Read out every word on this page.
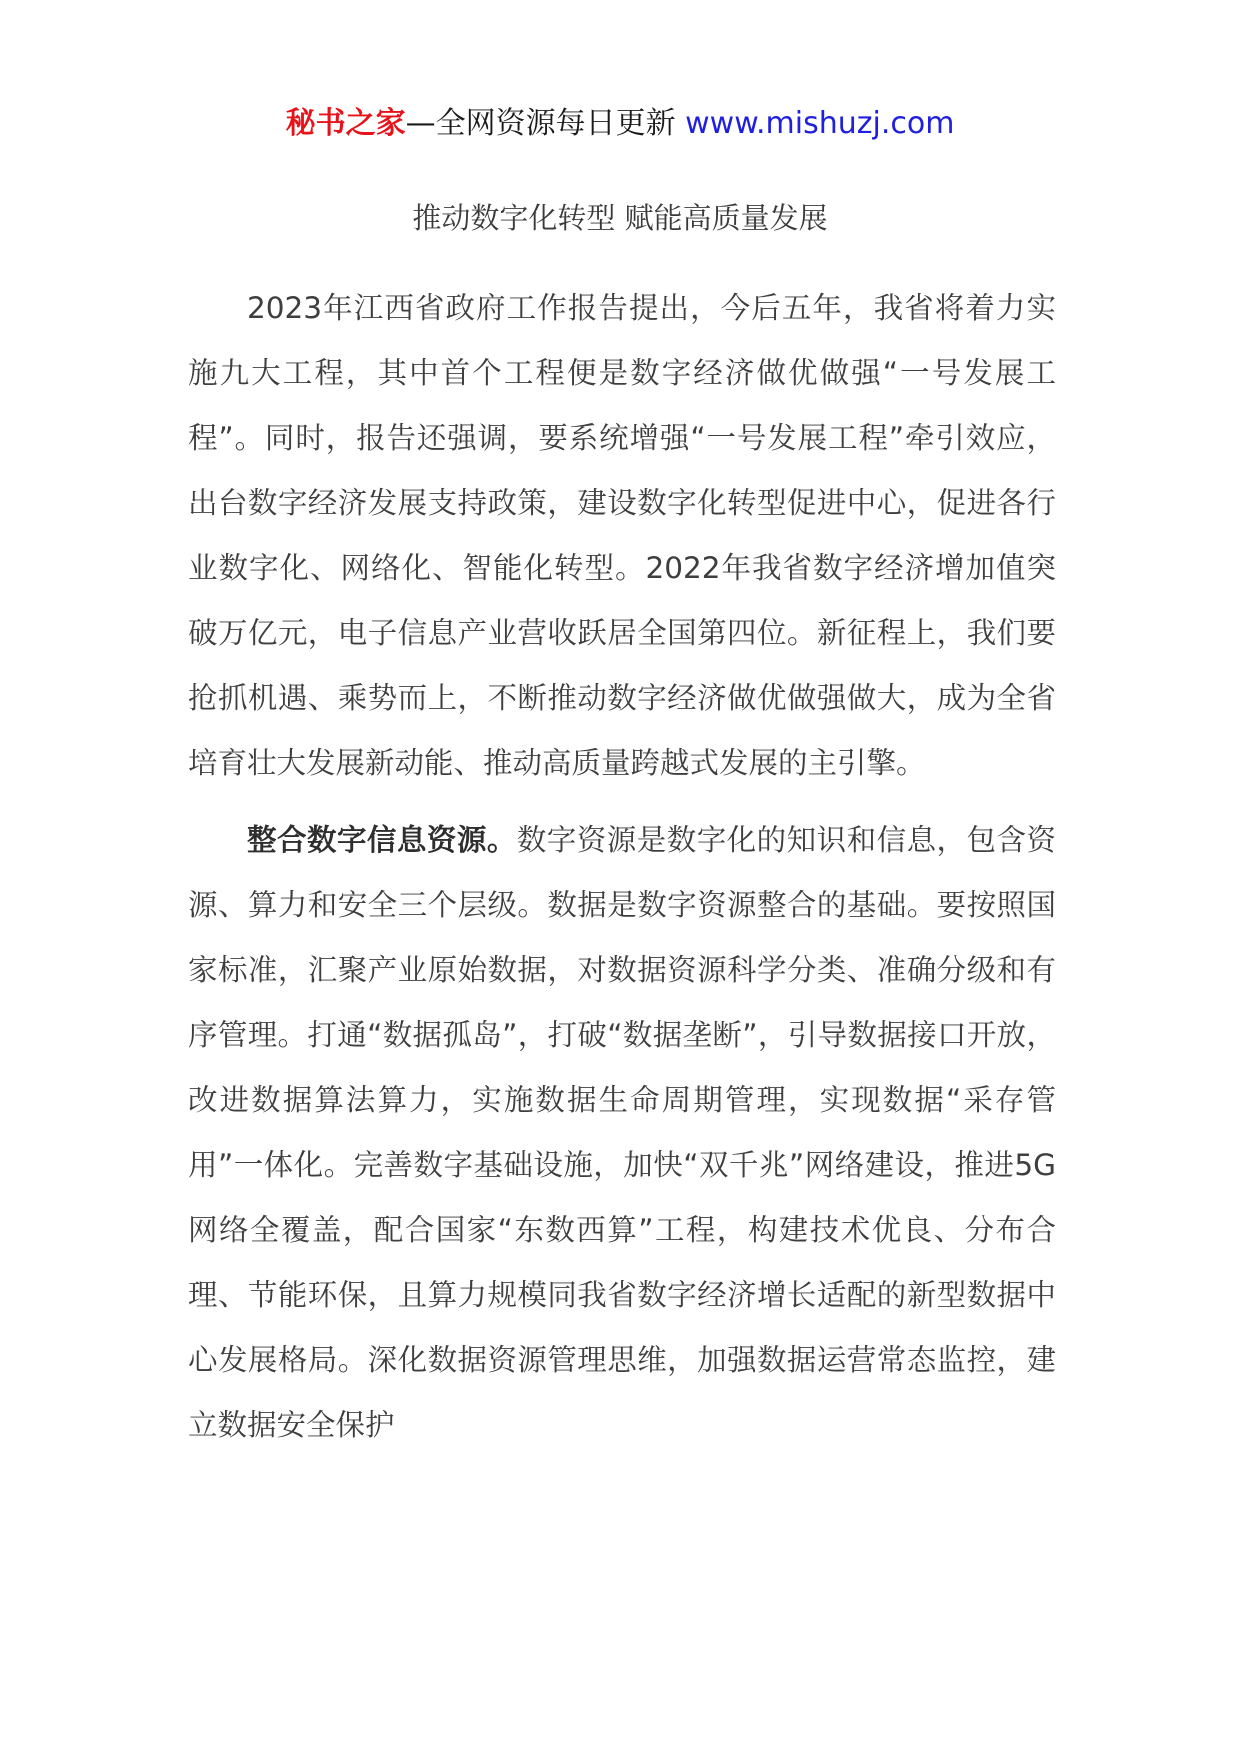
秘书之家—全网资源每日更新 www.mishuzj.com
推动数字化转型 赋能高质量发展

2023年江西省政府工作报告提出，今后五年，我省将着力实施九大工程，其中首个工程便是数字经济做优做强“一号发展工程”。同时，报告还强调，要系统增强“一号发展工程”牵引效应，出台数字经济发展支持政策，建设数字化转型促进中心，促进各行业数字化、网络化、智能化转型。2022年我省数字经济增加值突破万亿元，电子信息产业营收跃居全国第四位。新征程上，我们要抢抓机遇、乘势而上，不断推动数字经济做优做强做大，成为全省培育壮大发展新动能、推动高质量跨越式发展的主引擎。

整合数字信息资源。数字资源是数字化的知识和信息，包含资源、算力和安全三个层级。数据是数字资源整合的基础。要按照国家标准，汇聚产业原始数据，对数据资源科学分类、准确分级和有序管理。打通“数据孤岛”，打破“数据垄断”，引导数据接口开放，改进数据算法算力，实施数据生命周期管理，实现数据“采存管用”一体化。完善数字基础设施，加快“双千兆”网络建设，推进5G网络全覆盖，配合国家“东数西算”工程，构建技术优良、分布合理、节能环保，且算力规模同我省数字经济增长适配的新型数据中心发展格局。深化数据资源管理思维，加强数据运营常态监控，建立数据安全保护
